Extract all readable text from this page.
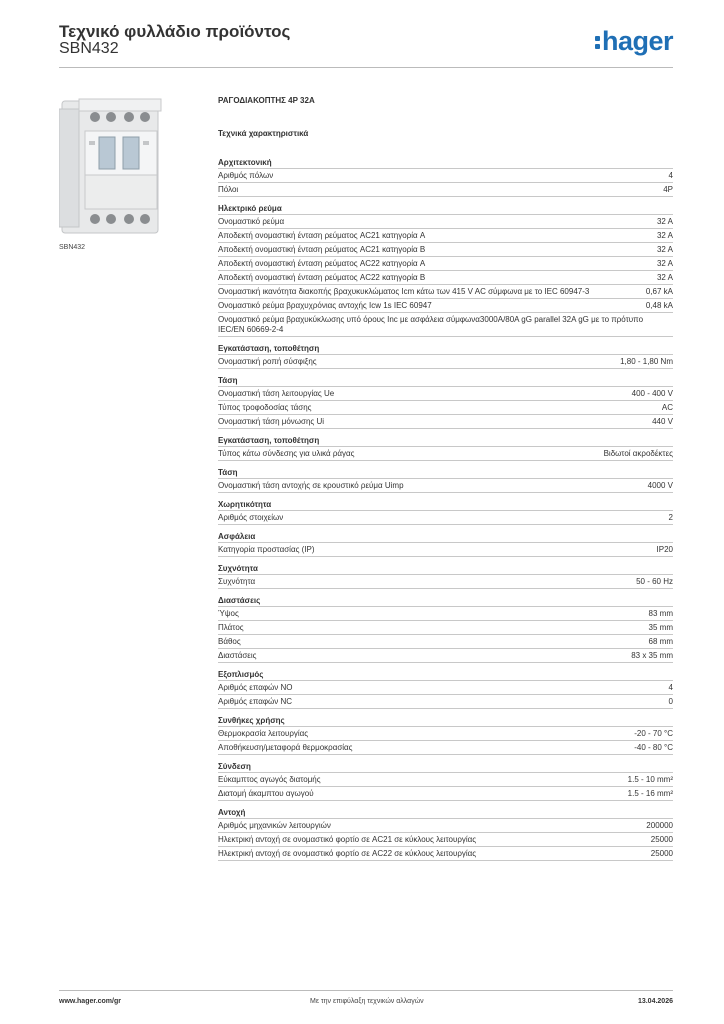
Τεχνικό φυλλάδιο προϊόντος
SBN432	hager
SBN432
ΡΑΓΟΔΙΑΚΟΠΤΗΣ 4P 32A
Τεχνικά χαρακτηριστικά
Αρχιτεκτονική
Αριθμός πόλων	4
Πόλοι	4P
Ηλεκτρικό ρεύμα
Ονομαστικό ρεύμα	32 A
Αποδεκτή ονομαστική ένταση ρεύματος AC21 κατηγορία A	32 A
Αποδεκτή ονομαστική ένταση ρεύματος AC21 κατηγορία B	32 A
Αποδεκτή ονομαστική ένταση ρεύματος AC22 κατηγορία A	32 A
Αποδεκτή ονομαστική ένταση ρεύματος AC22 κατηγορία B	32 A
Ονομαστική ικανότητα διακοπής βραχυκυκλώματος Icm κάτω των 415 V AC σύμφωνα με το IEC 60947-3	0,67 kA
Ονομαστικό ρεύμα βραχυχρόνιας αντοχής Icw 1s IEC 60947	0,48 kA
Ονομαστικό ρεύμα βραχυκύκλωσης υπό όρους Inc με ασφάλεια σύμφωνα3000A/80A gG parallel 32A gG με το πρότυπο IEC/EN 60669-2-4
Εγκατάσταση, τοποθέτηση
Ονομαστική ροπή σύσφιξης	1,80 - 1,80 Nm
Τάση
Ονομαστική τάση λειτουργίας Ue	400 - 400 V
Τύπος τροφοδοσίας τάσης	AC
Ονομαστική τάση μόνωσης Ui	440 V
Εγκατάσταση, τοποθέτηση
Τύπος κάτω σύνδεσης για υλικά ράγας	Βιδωτοί ακροδέκτες
Τάση
Ονομαστική τάση αντοχής σε κρουστικό ρεύμα Uimp	4000 V
Χωρητικότητα
Αριθμός στοιχείων	2
Ασφάλεια
Κατηγορία προστασίας (IP)	IP20
Συχνότητα
Συχνότητα	50 - 60 Hz
Διαστάσεις
Ύψος	83 mm
Πλάτος	35 mm
Βάθος	68 mm
Διαστάσεις	83 x 35 mm
Εξοπλισμός
Αριθμός επαφών NO	4
Αριθμός επαφών NC	0
Συνθήκες χρήσης
Θερμοκρασία λειτουργίας	-20 - 70 °C
Αποθήκευση/μεταφορά θερμοκρασίας	-40 - 80 °C
Σύνδεση
Εύκαμπτος αγωγός διατομής	1.5 - 10 mm²
Διατομή άκαμπτου αγωγού	1.5 - 16 mm²
Αντοχή
Αριθμός μηχανικών λειτουργιών	200000
Ηλεκτρική αντοχή σε ονομαστικό φορτίο σε AC21 σε κύκλους λειτουργίας	25000
Ηλεκτρική αντοχή σε ονομαστικό φορτίο σε AC22 σε κύκλους λειτουργίας	25000
www.hager.com/gr	Με την επιφύλαξη τεχνικών αλλαγών	13.04.2026
